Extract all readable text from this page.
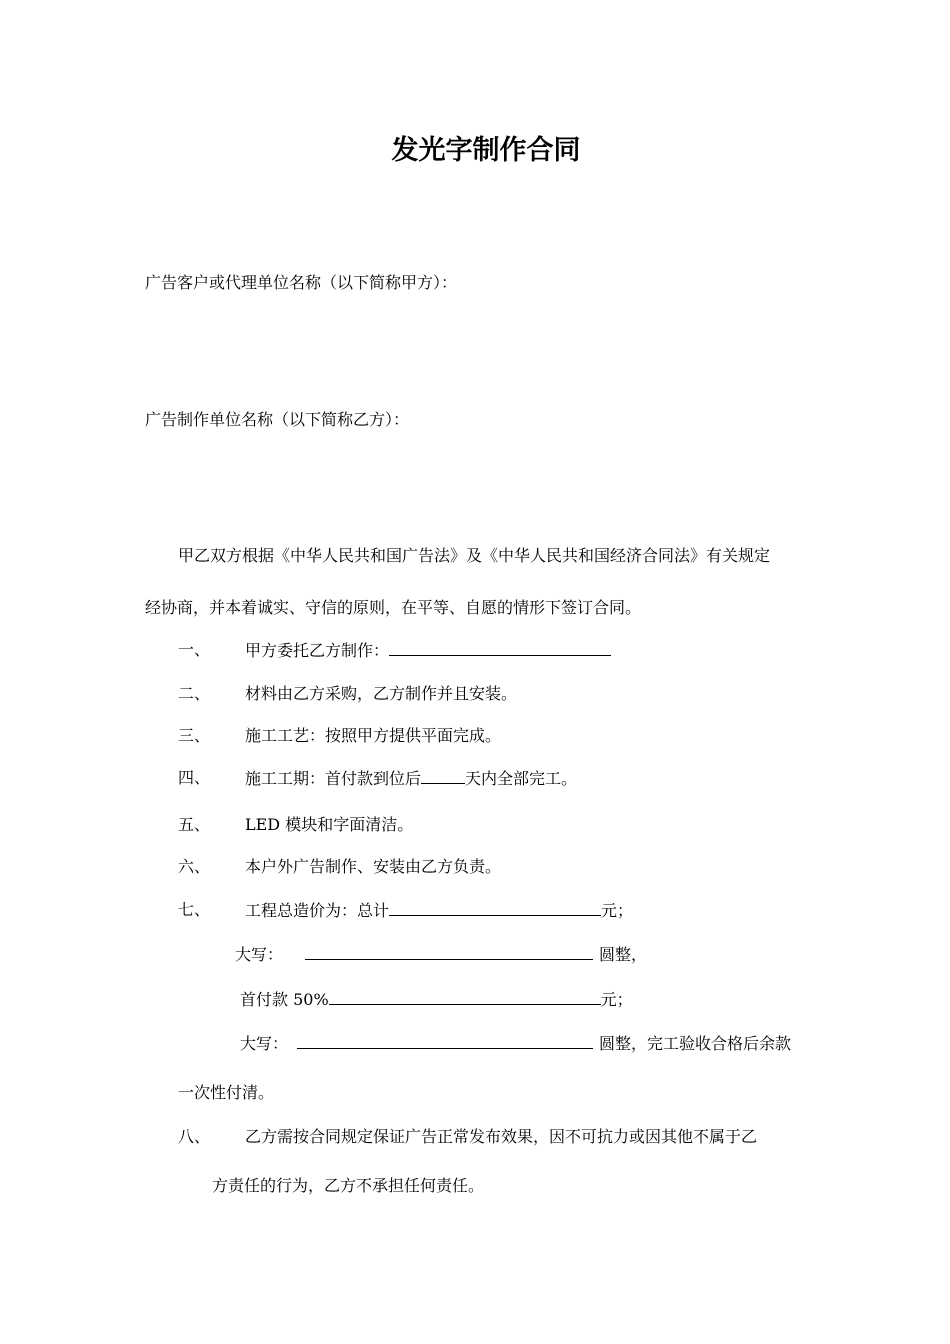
发光字制作合同
广告客户或代理单位名称（以下简称甲方）：
广告制作单位名称（以下简称乙方）：
甲乙双方根据《中华人民共和国广告法》及《中华人民共和国经济合同法》有关规定
经协商，并本着诚实、守信的原则，在平等、自愿的情形下签订合同。
一、 甲方委托乙方制作：
二、 材料由乙方采购，乙方制作并且安装。
三、 施工工艺：按照甲方提供平面完成。
四、 施工工期：首付款到位后	天内全部完工。
五、 LED 模块和字面清洁。
六、 本户外广告制作、安装由乙方负责。
七、 工程总造价为：总计	元；
大写：	圆整，
首付款 50%	元；
大写：	圆整，完工验收合格后余款
一次性付清。
八、 乙方需按合同规定保证广告正常发布效果，因不可抗力或因其他不属于乙
方责任的行为，乙方不承担任何责任。
